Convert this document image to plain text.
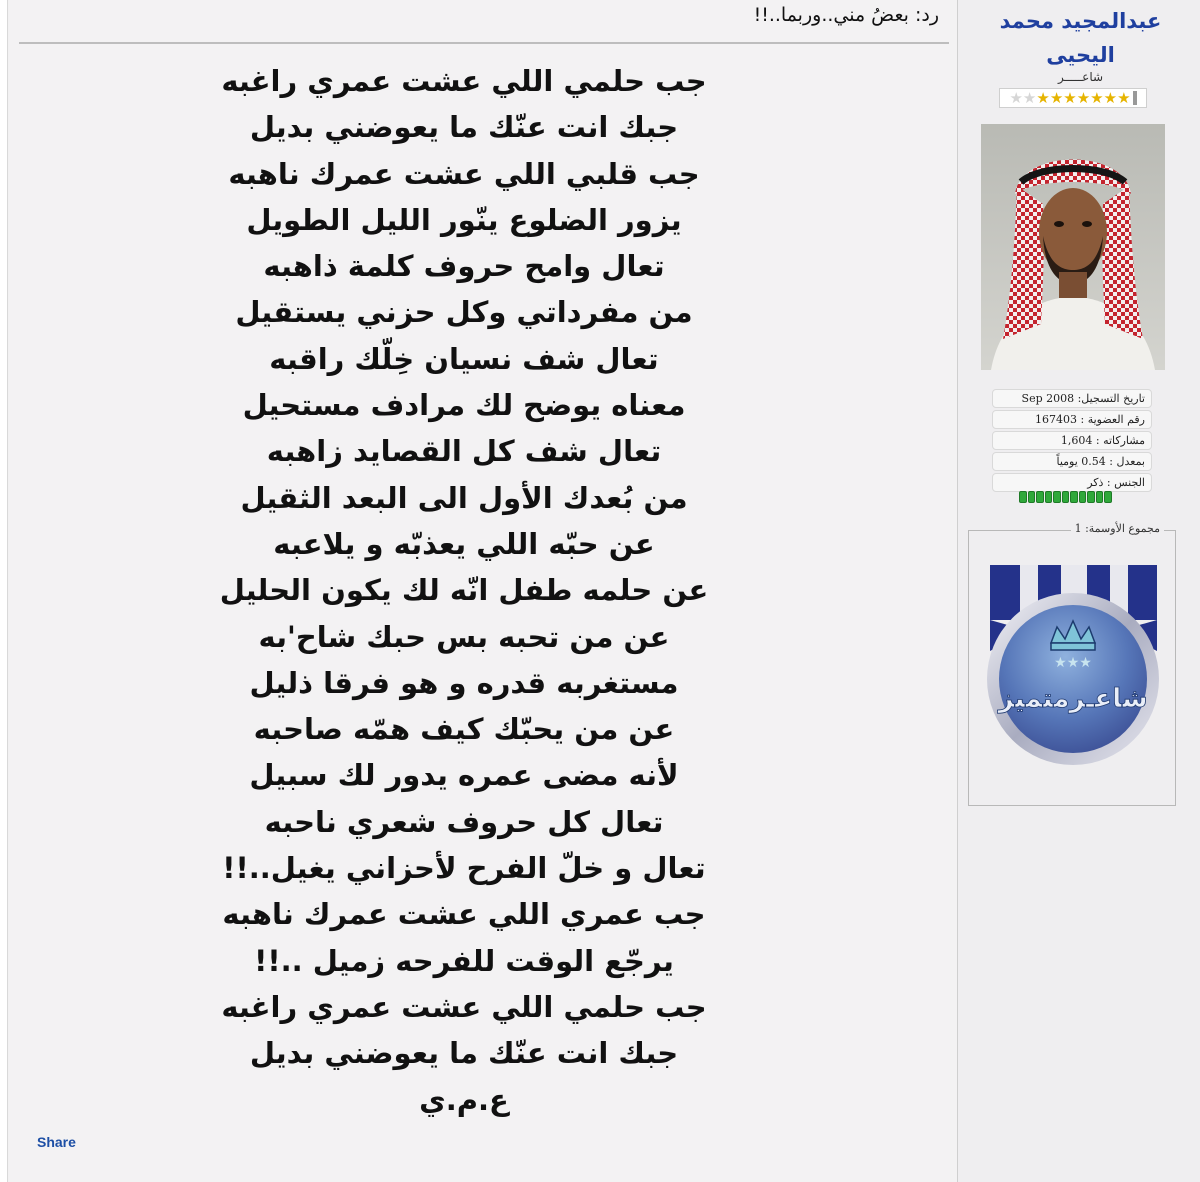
رد: بعضُ مني..وربما..!!
جب حلمي اللي عشت عمري راغبه
جبك انت عنّك ما يعوضني بديل
جب قلبي اللي عشت عمرك ناهبه
يزور الضلوع ينّور الليل الطويل
تعال وامح حروف كلمة ذاهبه
من مفرداتي وكل حزني يستقيل
تعال شف نسيان خِلّك راقبه
معناه يوضح لك مرادف مستحيل
تعال شف كل القصايد زاهبه
من بُعدك الأول الى البعد الثقيل
عن حبّه اللي يعذبّه و يلاعبه
عن حلمه طفل انّه لك يكون الحليل
عن من تحبه بس حبك شاح'به
مستغربه قدره و هو فرقا ذليل
عن من يحبّك كيف همّه صاحبه
لأنه مضى عمره يدور لك سبيل
تعال كل حروف شعري ناحبه
تعال و خلّ الفرح لأحزاني يغيل..!!
جب عمري اللي عشت عمرك ناهبه
يرجّع الوقت للفرحه زميل ..!!
جب حلمي اللي عشت عمري راغبه
جبك انت عنّك ما يعوضني بديل
ع.م.ي
Share
عبدالمجيد محمد اليحيى
شاعـــــر
★ ★ ★ ★ ★ ★ ★ ★ ★
تاريخ التسجيل: Sep 2008
رقم العضوية : 167403
مشاركاته : 1,604
بمعدل : 0.54 يومياً
الجنس : ذكر
★★★
شاعـرمتميز
مجموع الأوسمة: 1
